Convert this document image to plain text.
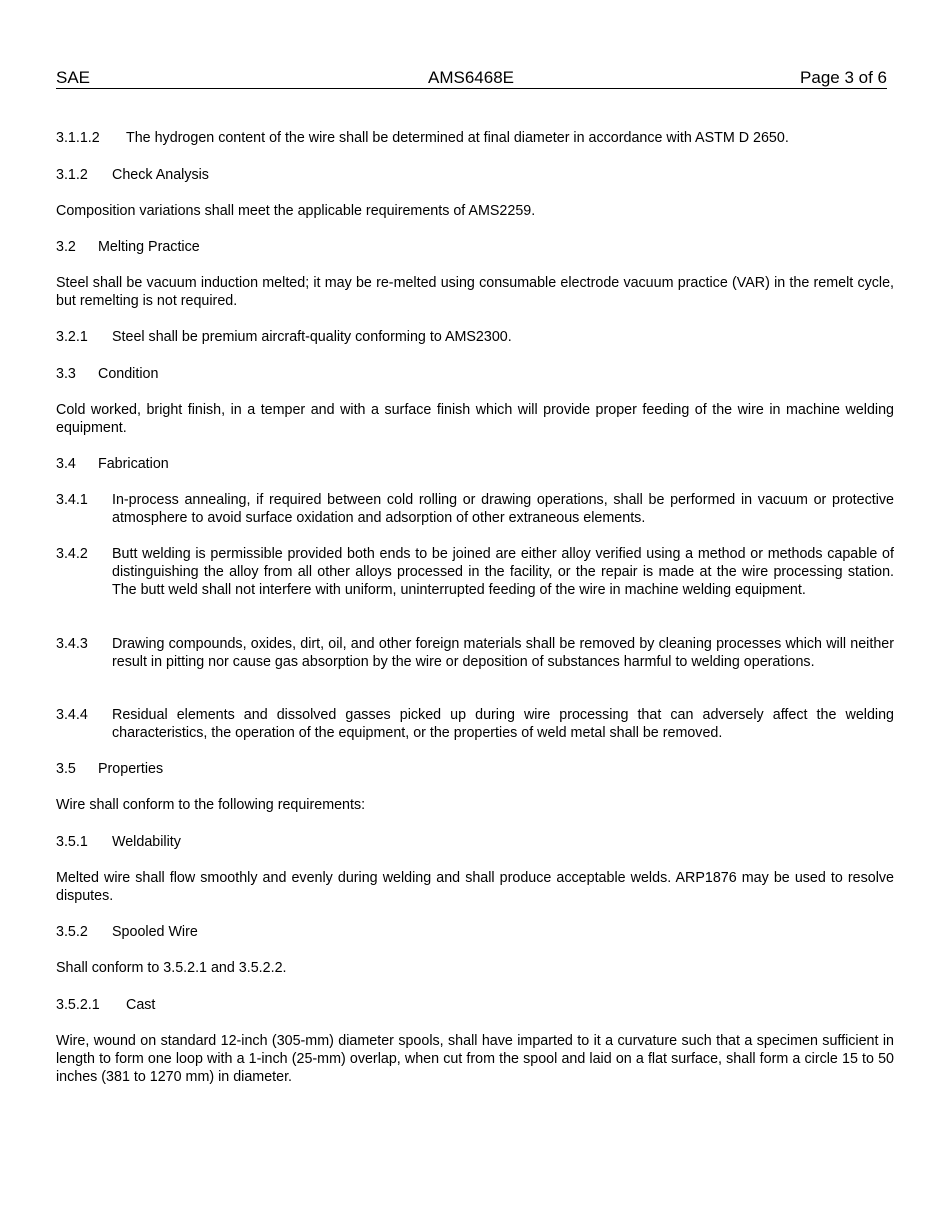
SAE	AMS6468E	Page 3 of 6
3.1.1.2 The hydrogen content of the wire shall be determined at final diameter in accordance with ASTM D 2650.
3.1.2 Check Analysis

Composition variations shall meet the applicable requirements of AMS2259.

3.2 Melting Practice

Steel shall be vacuum induction melted; it may be re-melted using consumable electrode vacuum practice (VAR) in the remelt cycle, but remelting is not required.

3.2.1 Steel shall be premium aircraft-quality conforming to AMS2300.
3.3 Condition

Cold worked, bright finish, in a temper and with a surface finish which will provide proper feeding of the wire in machine welding equipment.

3.4 Fabrication
3.4.1 In-process annealing, if required between cold rolling or drawing operations, shall be performed in vacuum or protective atmosphere to avoid surface oxidation and adsorption of other extraneous elements.
3.4.2 Butt welding is permissible provided both ends to be joined are either alloy verified using a method or methods capable of distinguishing the alloy from all other alloys processed in the facility, or the repair is made at the wire processing station. The butt weld shall not interfere with uniform, uninterrupted feeding of the wire in machine welding equipment.
3.4.3 Drawing compounds, oxides, dirt, oil, and other foreign materials shall be removed by cleaning processes which will neither result in pitting nor cause gas absorption by the wire or deposition of substances harmful to welding operations.
3.4.4 Residual elements and dissolved gasses picked up during wire processing that can adversely affect the welding characteristics, the operation of the equipment, or the properties of weld metal shall be removed.
3.5 Properties

Wire shall conform to the following requirements:

3.5.1 Weldability

Melted wire shall flow smoothly and evenly during welding and shall produce acceptable welds. ARP1876 may be used to resolve disputes.

3.5.2 Spooled Wire

Shall conform to 3.5.2.1 and 3.5.2.2.

3.5.2.1 Cast

Wire, wound on standard 12-inch (305-mm) diameter spools, shall have imparted to it a curvature such that a specimen sufficient in length to form one loop with a 1-inch (25-mm) overlap, when cut from the spool and laid on a flat surface, shall form a circle 15 to 50 inches (381 to 1270 mm) in diameter.
